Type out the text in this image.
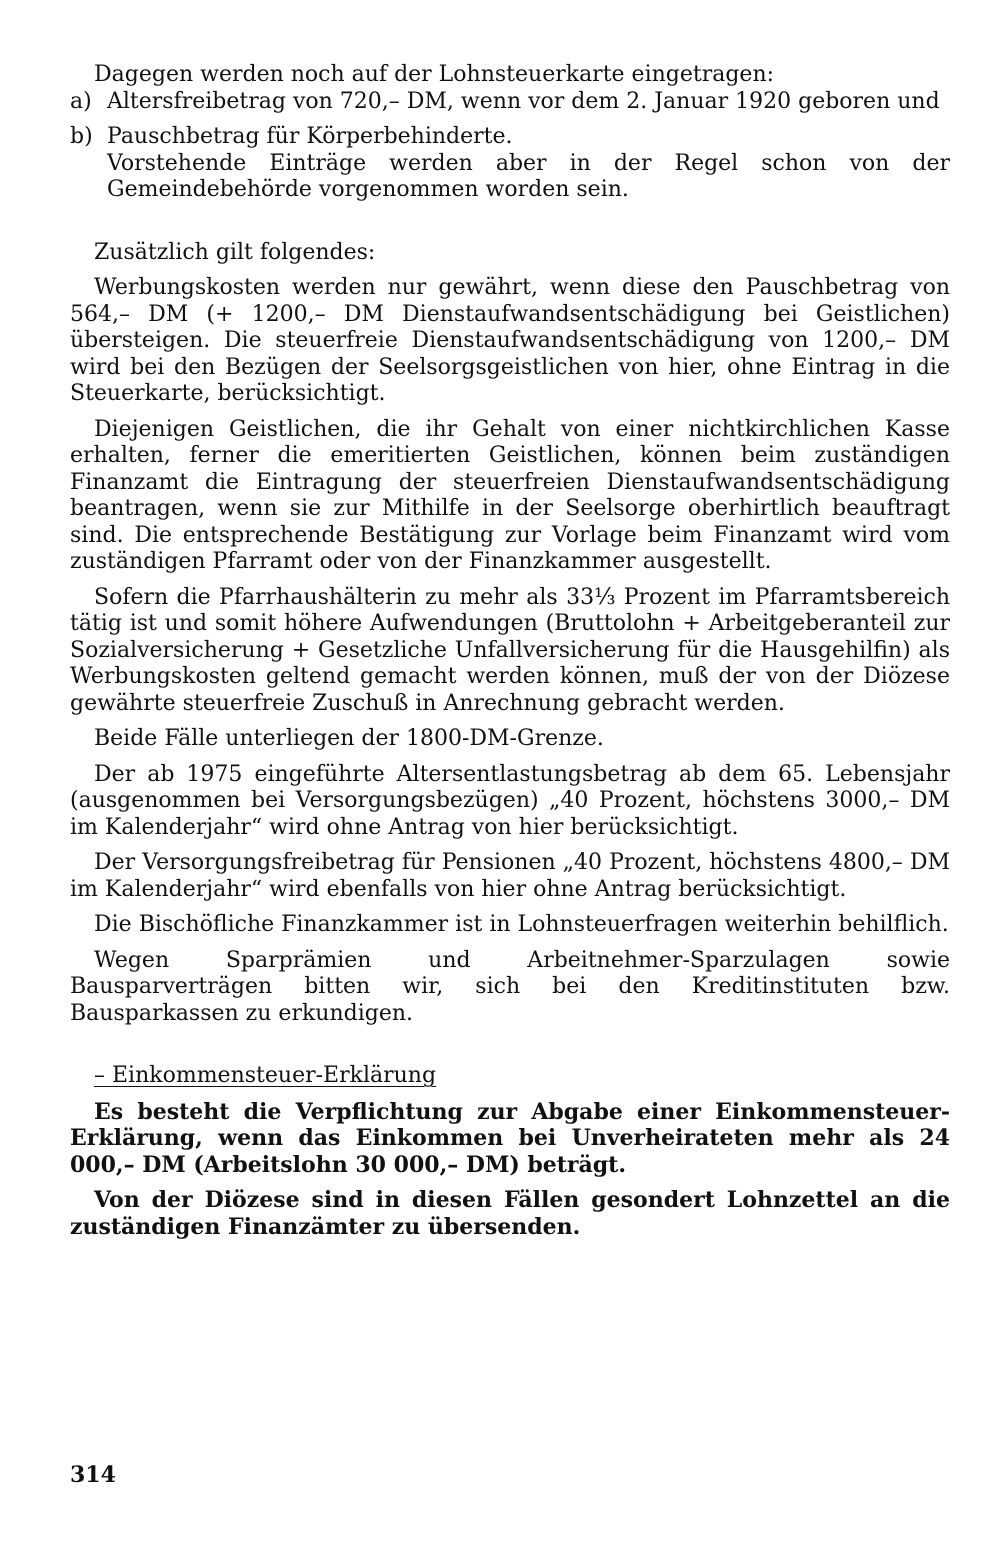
Dagegen werden noch auf der Lohnsteuerkarte eingetragen:

a) Altersfreibetrag von 720,– DM, wenn vor dem 2. Januar 1920 geboren und
b) Pauschbetrag für Körperbehinderte.

Vorstehende Einträge werden aber in der Regel schon von der Gemeindebehörde vorgenommen worden sein.

Zusätzlich gilt folgendes:

Werbungskosten werden nur gewährt, wenn diese den Pauschbetrag von 564,– DM (+ 1200,– DM Dienstaufwandsentschädigung bei Geistlichen) übersteigen. Die steuerfreie Dienstaufwandsentschädigung von 1200,– DM wird bei den Bezügen der Seelsorgsgeistlichen von hier, ohne Eintrag in die Steuerkarte, berücksichtigt.

Diejenigen Geistlichen, die ihr Gehalt von einer nichtkirchlichen Kasse erhalten, ferner die emeritierten Geistlichen, können beim zuständigen Finanzamt die Eintragung der steuerfreien Dienstaufwandsentschädigung beantragen, wenn sie zur Mithilfe in der Seelsorge oberhirtlich beauftragt sind. Die entsprechende Bestätigung zur Vorlage beim Finanzamt wird vom zuständigen Pfarramt oder von der Finanzkammer ausgestellt.

Sofern die Pfarrhaushälterin zu mehr als 33⅓ Prozent im Pfarramtsbereich tätig ist und somit höhere Aufwendungen (Bruttolohn + Arbeitgeberanteil zur Sozialversicherung + Gesetzliche Unfallversicherung für die Hausgehilfin) als Werbungskosten geltend gemacht werden können, muß der von der Diözese gewährte steuerfreie Zuschuß in Anrechnung gebracht werden.

Beide Fälle unterliegen der 1800-DM-Grenze.

Der ab 1975 eingeführte Altersentlastungsbetrag ab dem 65. Lebensjahr (ausgenommen bei Versorgungsbezügen) „40 Prozent, höchstens 3000,– DM im Kalenderjahr“ wird ohne Antrag von hier berücksichtigt.

Der Versorgungsfreibetrag für Pensionen „40 Prozent, höchstens 4800,– DM im Kalenderjahr“ wird ebenfalls von hier ohne Antrag berücksichtigt.

Die Bischöfliche Finanzkammer ist in Lohnsteuerfragen weiterhin behilflich.

Wegen Sparprämien und Arbeitnehmer-Sparzulagen sowie Bausparverträgen bitten wir, sich bei den Kreditinstituten bzw. Bausparkassen zu erkundigen.

– Einkommensteuer-Erklärung

Es besteht die Verpflichtung zur Abgabe einer Einkommensteuer-Erklärung, wenn das Einkommen bei Unverheirateten mehr als 24 000,– DM (Arbeitslohn 30 000,– DM) beträgt.

Von der Diözese sind in diesen Fällen gesondert Lohnzettel an die zuständigen Finanzämter zu übersenden.

314
